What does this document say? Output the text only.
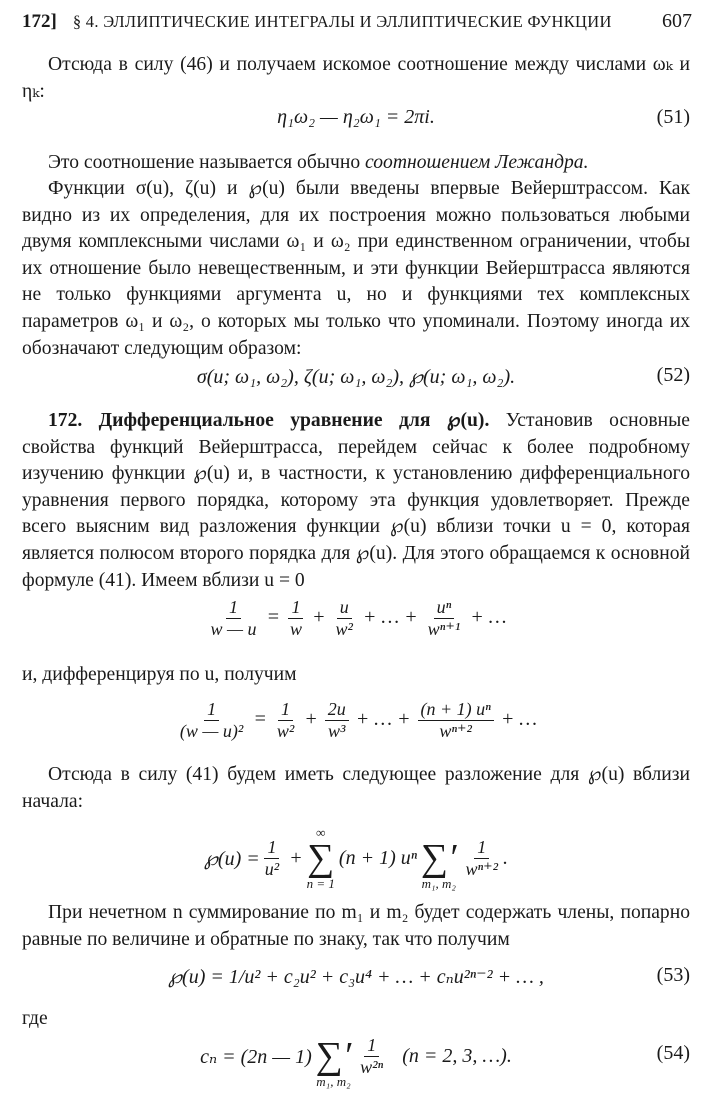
172] § 4. ЭЛЛИПТИЧЕСКИЕ ИНТЕГРАЛЫ И ЭЛЛИПТИЧЕСКИЕ ФУНКЦИИ	607
Отсюда в силу (46) и получаем искомое соотношение между числами ωₖ и ηₖ:
η₁ω₂ — η₂ω₁ = 2πi.	(51)
Это соотношение называется обычно соотношением Лежандра.
Функции σ(u), ζ(u) и ℘(u) были введены впервые Вейерштрассом. Как видно из их определения, для их построения можно пользоваться любыми двумя комплексными числами ω₁ и ω₂ при единственном ограничении, чтобы их отношение было невещественным, и эти функции Вейерштрасса являются не только функциями аргумента u, но и функциями тех комплексных параметров ω₁ и ω₂, о которых мы только что упоминали. Поэтому иногда их обозначают следующим образом:
σ(u; ω₁, ω₂), ζ(u; ω₁, ω₂), ℘(u; ω₁, ω₂).	(52)
172. Дифференциальное уравнение для ℘(u). Установив основные свойства функций Вейерштрасса, перейдем сейчас к более подробному изучению функции ℘(u) и, в частности, к установлению дифференциального уравнения первого порядка, которому эта функция удовлетворяет. Прежде всего выясним вид разложения функции ℘(u) вблизи точки u = 0, которая является полюсом второго порядка для ℘(u). Для этого обращаемся к основной формуле (41). Имеем вблизи u = 0
$\frac{1}{w — u} = \frac{1}{w} + \frac{u}{\text{w²}}$ + … + $\frac{\text{uⁿ}}{\text{wⁿ⁺¹}}$ + …
и, дифференцируя по u, получим
$\frac{1}{\text{(w — u)²}} = \frac{1}{\text{w²}} + \frac{2u}{\text{w³}}$ + … + $\frac{\text{(n + 1) uⁿ}}{\text{wⁿ⁺²}}$ + …
Отсюда в силу (41) будем иметь следующее разложение для ℘(u) вблизи начала:
℘(u) = $\frac{1}{\text{u²}}$ +
∞
∑
n = 1
(n + 1) uⁿ
∑′
m₁, m₂
$\frac{1}{\text{wⁿ⁺²}}$ .
При нечетном n суммирование по m₁ и m₂ будет содержать члены, попарно равные по величине и обратные по знаку, так что получим
℘(u) = 1/u² + c₂u² + c₃u⁴ + … + cₙu²ⁿ⁻² + … ,	(53)
где
cₙ = (2n — 1)
∑′
m₁, m₂
$\frac{1}{\text{w²ⁿ}} (n = 2$, 3, …).	(54)
